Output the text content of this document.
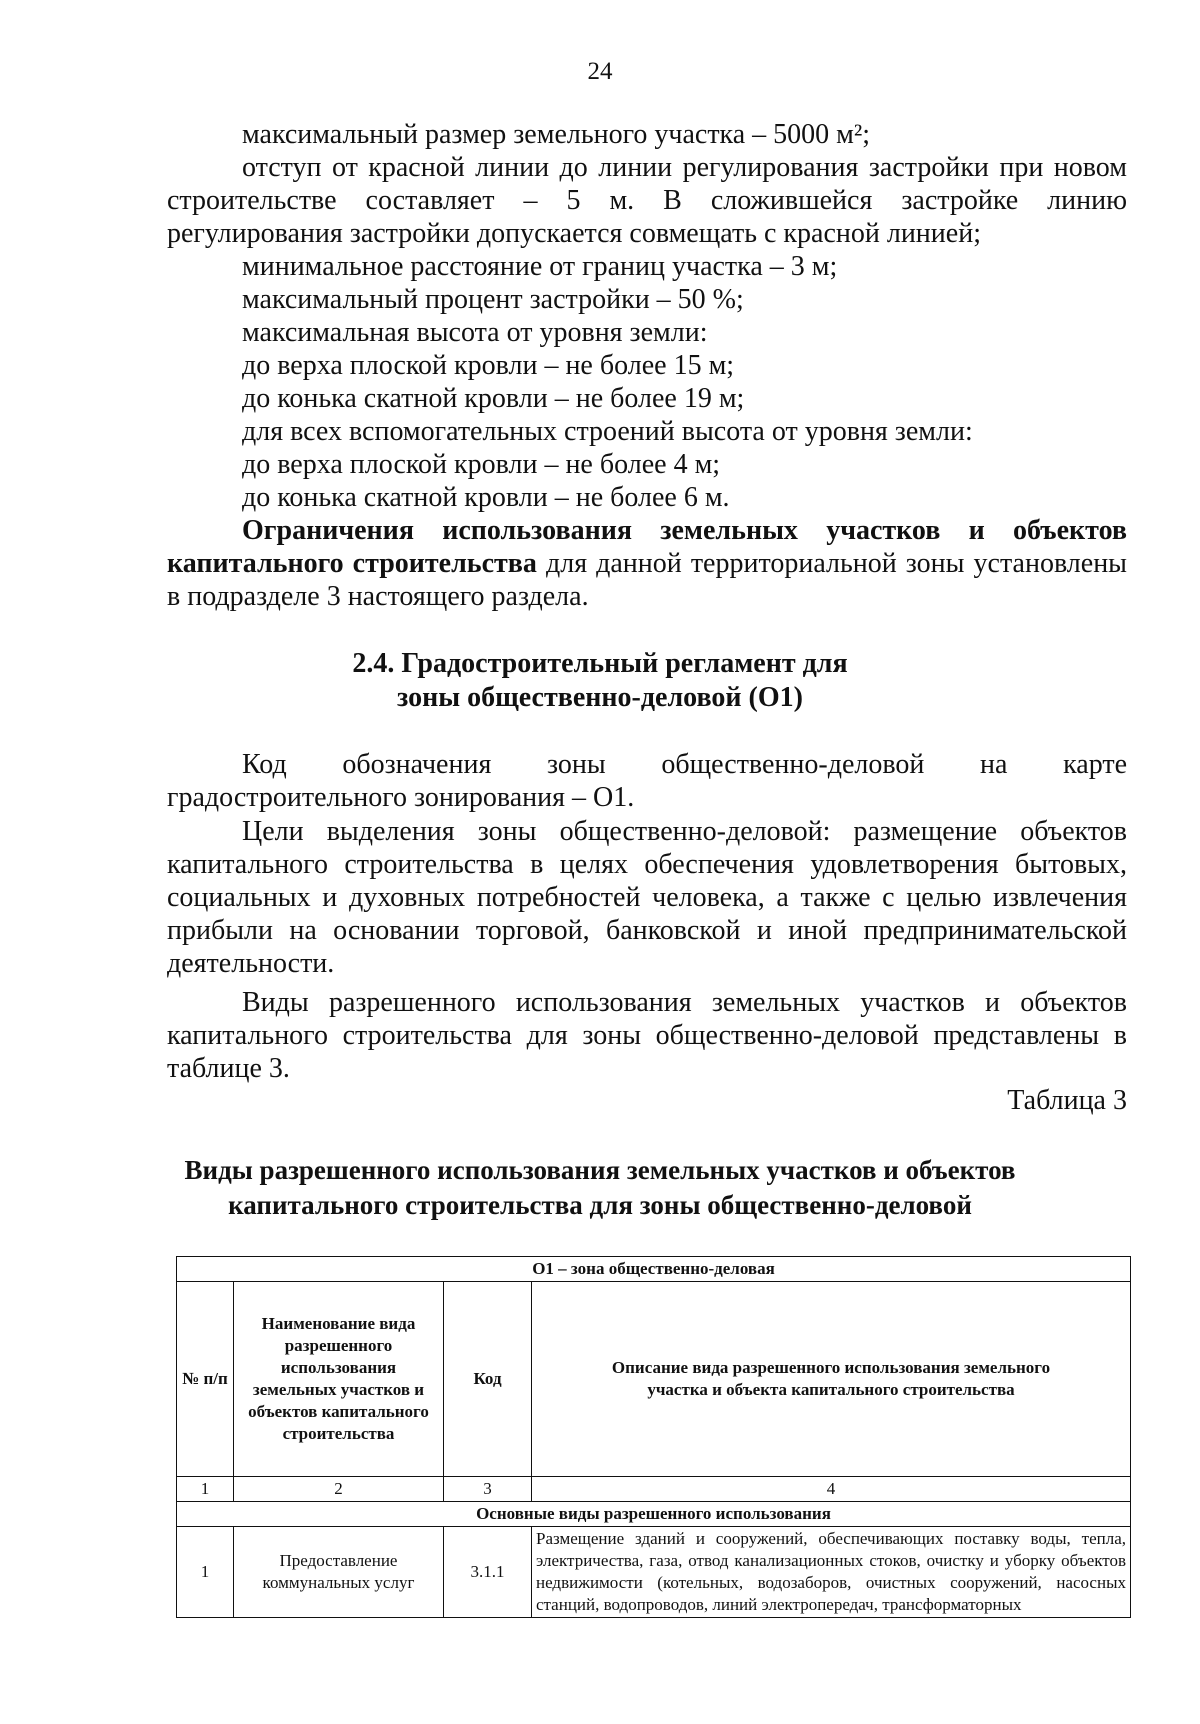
24
максимальный размер земельного участка – 5000 м²;
отступ от красной линии до линии регулирования застройки при новом строительстве составляет – 5 м. В сложившейся застройке линию регулирования застройки допускается совмещать с красной линией;
минимальное расстояние от границ участка – 3 м;
максимальный процент застройки – 50 %;
максимальная высота от уровня земли:
до верха плоской кровли – не более 15 м;
до конька скатной кровли – не более 19 м;
для всех вспомогательных строений высота от уровня земли:
до верха плоской кровли – не более 4 м;
до конька скатной кровли – не более 6 м.
Ограничения использования земельных участков и объектов капитального строительства для данной территориальной зоны установлены в подразделе 3 настоящего раздела.
2.4. Градостроительный регламент для
зоны общественно-деловой (О1)
Код обозначения зоны общественно-деловой на карте градостроительного зонирования – О1.
Цели выделения зоны общественно-деловой: размещение объектов капитального строительства в целях обеспечения удовлетворения бытовых, социальных и духовных потребностей человека, а также с целью извлечения прибыли на основании торговой, банковской и иной предпринимательской деятельности.
Виды разрешенного использования земельных участков и объектов капитального строительства для зоны общественно-деловой представлены в таблице 3.
Таблица 3
Виды разрешенного использования земельных участков и объектов
капитального строительства для зоны общественно-деловой
О1 – зона общественно-деловая			
№ п/п	Наименование вида разрешенного использования земельных участков и объектов капитального строительства	Код	Описание вида разрешенного использования земельного участка и объекта капитального строительства
1	2	3	4
Основные виды разрешенного использования			
1	Предоставление коммунальных услуг	3.1.1	Размещение зданий и сооружений, обеспечивающих поставку воды, тепла, электричества, газа, отвод канализационных стоков, очистку и уборку объектов недвижимости (котельных, водозаборов, очистных сооружений, насосных станций, водопроводов, линий электропередач, трансформаторных
